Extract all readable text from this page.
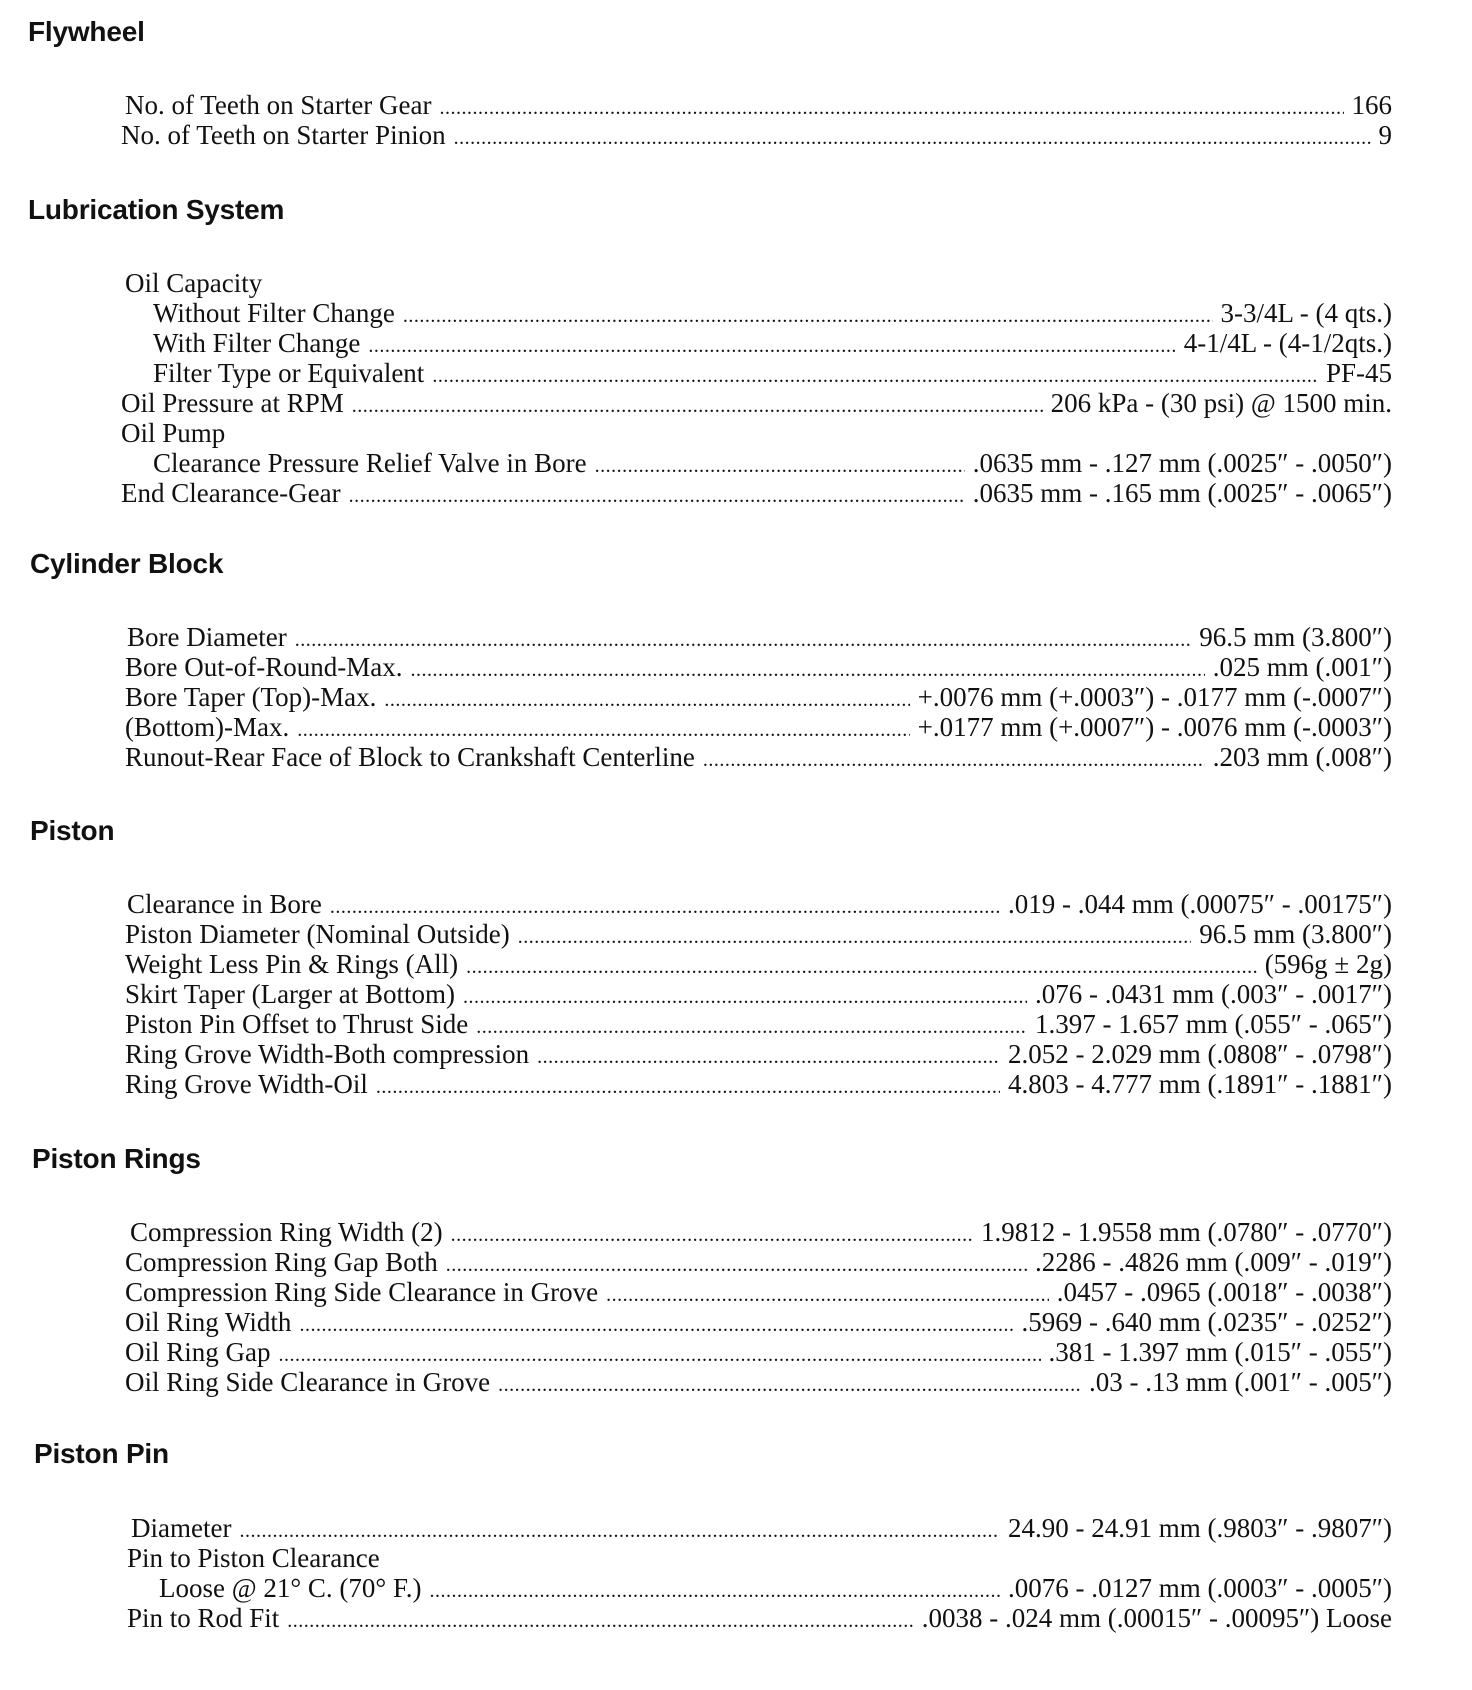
Flywheel
No. of Teeth on Starter Gear .....	166
No. of Teeth on Starter Pinion .....	9
Lubrication System
Oil Capacity
Without Filter Change .....	3-3/4L - (4 qts.)
With Filter Change .....	4-1/4L - (4-1/2qts.)
Filter Type or Equivalent .....	PF-45
Oil Pressure at RPM .....	206 kPa - (30 psi) @ 1500 min.
Oil Pump
Clearance Pressure Relief Valve in Bore .....	.0635 mm - .127 mm (.0025″ - .0050″)
End Clearance-Gear .....	.0635 mm - .165 mm (.0025″ - .0065″)
Cylinder Block
Bore Diameter .....	96.5 mm (3.800″)
Bore Out-of-Round-Max. .....	.025 mm (.001″)
Bore Taper (Top)-Max. .....	+.0076 mm (+.0003″) - .0177 mm (-.0007″)
(Bottom)-Max. .....	+.0177 mm (+.0007″) - .0076 mm (-.0003″)
Runout-Rear Face of Block to Crankshaft Centerline .....	.203 mm (.008″)
Piston
Clearance in Bore .....	.019 - .044 mm (.00075″ - .00175″)
Piston Diameter (Nominal Outside) .....	96.5 mm (3.800″)
Weight Less Pin & Rings (All) .....	(596g ± 2g)
Skirt Taper (Larger at Bottom) .....	.076 - .0431 mm (.003″ - .0017″)
Piston Pin Offset to Thrust Side .....	1.397 - 1.657 mm (.055″ - .065″)
Ring Grove Width-Both compression .....	2.052 - 2.029 mm (.0808″ - .0798″)
Ring Grove Width-Oil .....	4.803 - 4.777 mm (.1891″ - .1881″)
Piston Rings
Compression Ring Width (2) .....	1.9812 - 1.9558 mm (.0780″ - .0770″)
Compression Ring Gap Both .....	.2286 - .4826 mm (.009″ - .019″)
Compression Ring Side Clearance in Grove .....	.0457 - .0965 (.0018″ - .0038″)
Oil Ring Width .....	.5969 - .640 mm (.0235″ - .0252″)
Oil Ring Gap .....	.381 - 1.397 mm (.015″ - .055″)
Oil Ring Side Clearance in Grove .....	.03 - .13 mm (.001″ - .005″)
Piston Pin
Diameter .....	24.90 - 24.91 mm (.9803″ - .9807″)
Pin to Piston Clearance
Loose @ 21° C. (70° F.) .....	.0076 - .0127 mm (.0003″ - .0005″)
Pin to Rod Fit .....	.0038 - .024 mm (.00015″ - .00095″) Loose
